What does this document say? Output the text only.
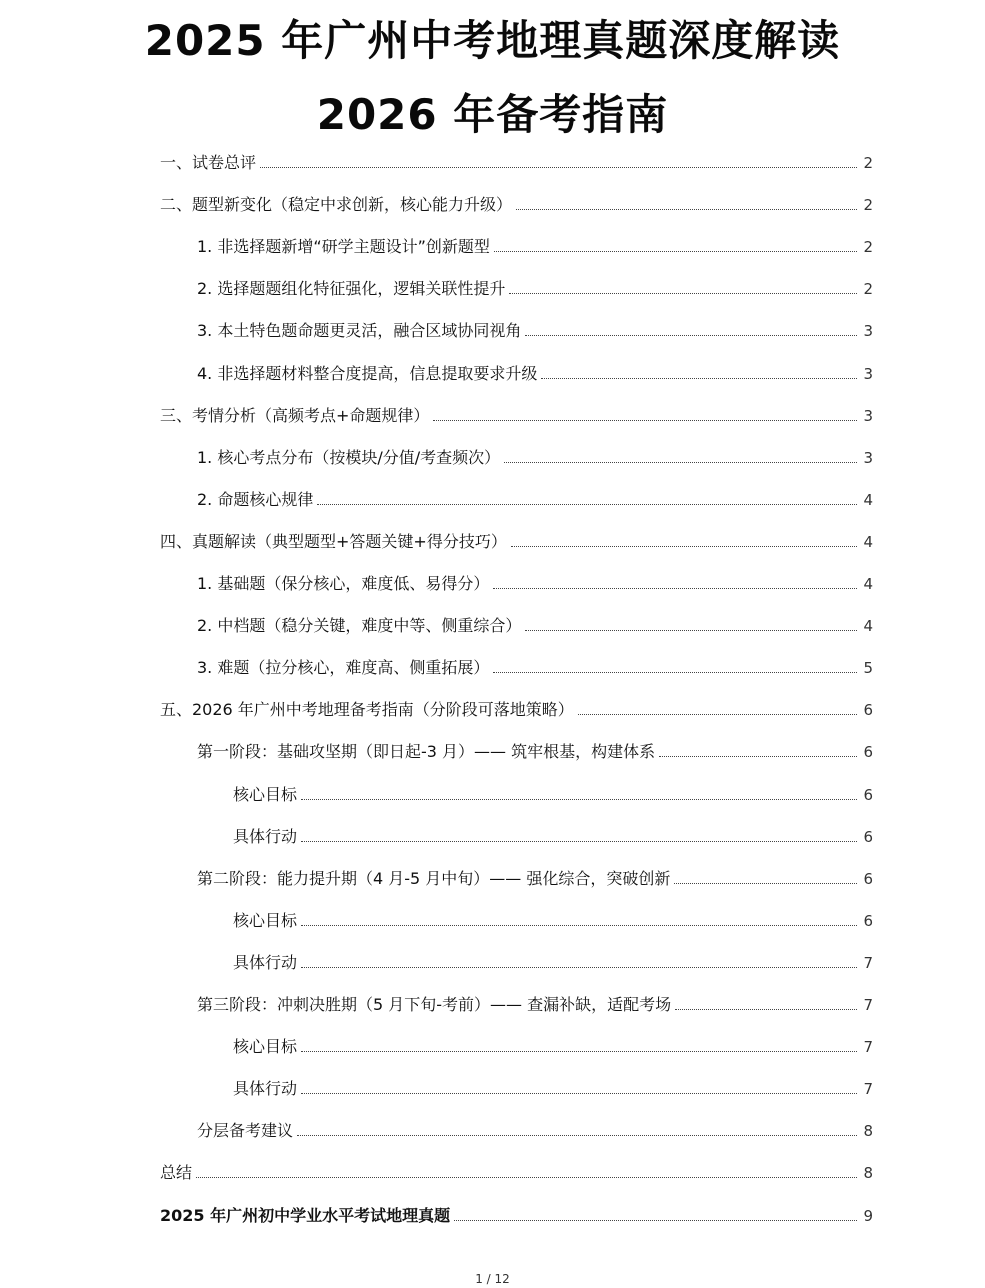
2025 年广州中考地理真题深度解读
2026 年备考指南
一、试卷总评	2
二、题型新变化（稳定中求创新，核心能力升级）	2
1. 非选择题新增“研学主题设计”创新题型	2
2. 选择题题组化特征强化，逻辑关联性提升	2
3. 本土特色题命题更灵活，融合区域协同视角	3
4. 非选择题材料整合度提高，信息提取要求升级	3
三、考情分析（高频考点+命题规律）	3
1. 核心考点分布（按模块/分值/考查频次）	3
2. 命题核心规律	4
四、真题解读（典型题型+答题关键+得分技巧）	4
1. 基础题（保分核心，难度低、易得分）	4
2. 中档题（稳分关键，难度中等、侧重综合）	4
3. 难题（拉分核心，难度高、侧重拓展）	5
五、2026 年广州中考地理备考指南（分阶段可落地策略）	6
第一阶段：基础攻坚期（即日起-3 月）—— 筑牢根基，构建体系	6
核心目标	6
具体行动	6
第二阶段：能力提升期（4 月-5 月中旬）—— 强化综合，突破创新	6
核心目标	6
具体行动	7
第三阶段：冲刺决胜期（5 月下旬-考前）—— 查漏补缺，适配考场	7
核心目标	7
具体行动	7
分层备考建议	8
总结	8
2025 年广州初中学业水平考试地理真题	9
1 / 12
